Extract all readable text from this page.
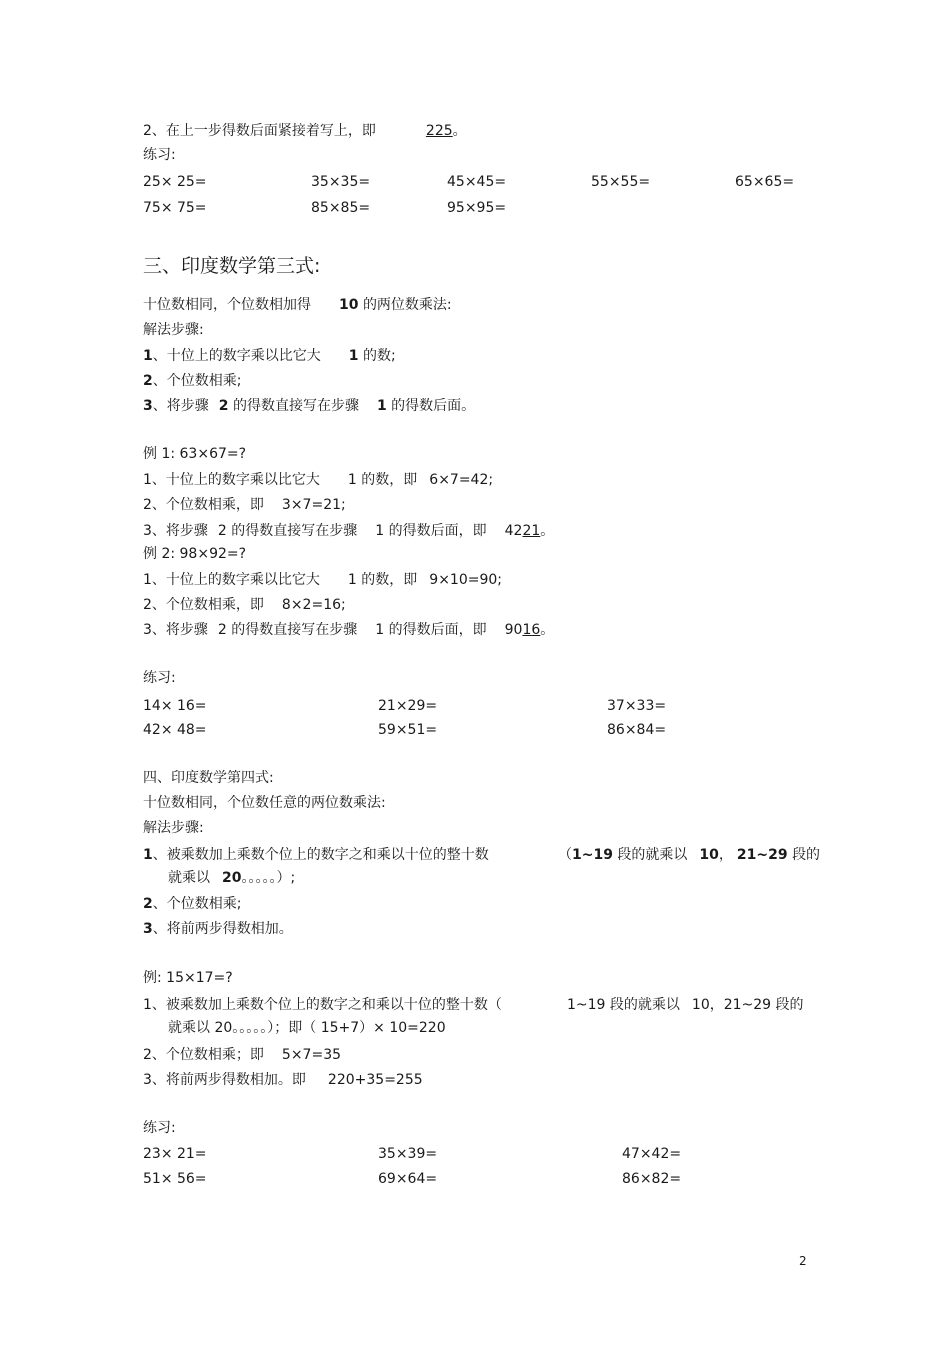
2、在上一步得数后面紧接着写上，即	225。
练习:
25× 25=	35×35=	45×45=	55×55=	65×65=
75× 75=	85×85=	95×95=
三、印度数学第三式:
十位数相同，个位数相加得 10 的两位数乘法:
解法步骤:
1、十位上的数字乘以比它大 1 的数;
2、个位数相乘;
3、将步骤 2 的得数直接写在步骤 1 的得数后面。
例 1: 63×67=?
1、十位上的数字乘以比它大 1 的数，即 6×7=42;
2、个位数相乘，即 3×7=21;
3、将步骤 2 的得数直接写在步骤 1 的得数后面，即 4221。
例 2: 98×92=?
1、十位上的数字乘以比它大 1 的数，即 9×10=90;
2、个位数相乘，即 8×2=16;
3、将步骤 2 的得数直接写在步骤 1 的得数后面，即 9016。
练习:
14× 16=	21×29=	37×33=
42× 48=	59×51=	86×84=
四、印度数学第四式:
十位数相同，个位数任意的两位数乘法:
解法步骤:
1、被乘数加上乘数个位上的数字之和乘以十位的整十数	（1~19 段的就乘以 10， 21~29 段的
就乘以 20。。。。。）;
2、个位数相乘;
3、将前两步得数相加。
例: 15×17=?
1、被乘数加上乘数个位上的数字之和乘以十位的整十数（	1~19 段的就乘以 10，21~29 段的
就乘以 20。。。。。）；即（ 15+7）× 10=220
2、个位数相乘；即 5×7=35
3、将前两步得数相加。即 220+35=255
练习:
23× 21=	35×39=	47×42=
51× 56=	69×64=	86×82=
2
